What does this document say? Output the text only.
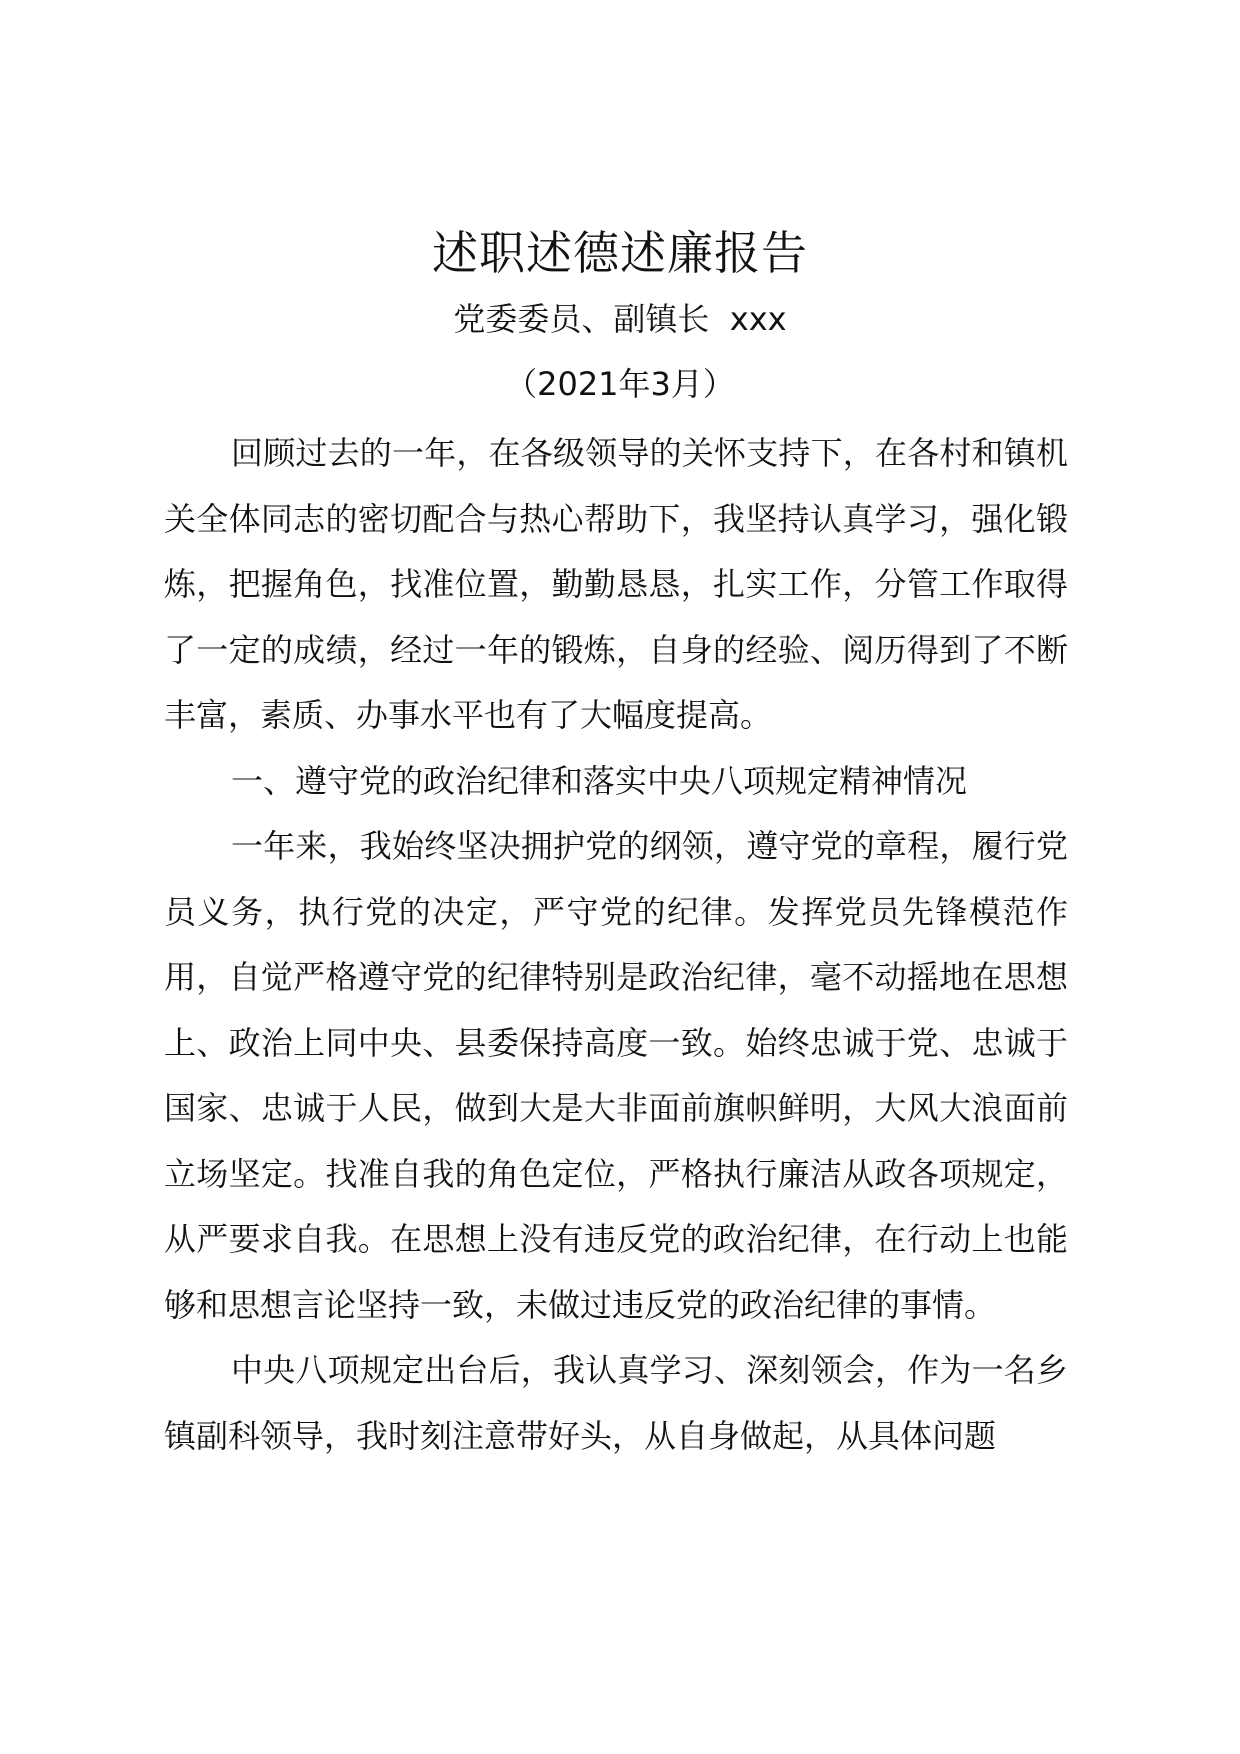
述职述德述廉报告
党委委员、副镇长  xxx
（2021年3月）

回顾过去的一年，在各级领导的关怀支持下，在各村和镇机关全体同志的密切配合与热心帮助下，我坚持认真学习，强化锻炼，把握角色，找准位置，勤勤恳恳，扎实工作，分管工作取得了一定的成绩，经过一年的锻炼，自身的经验、阅历得到了不断丰富，素质、办事水平也有了大幅度提高。

一、遵守党的政治纪律和落实中央八项规定精神情况

一年来，我始终坚决拥护党的纲领，遵守党的章程，履行党员义务，执行党的决定，严守党的纪律。发挥党员先锋模范作用，自觉严格遵守党的纪律特别是政治纪律，毫不动摇地在思想上、政治上同中央、县委保持高度一致。始终忠诚于党、忠诚于国家、忠诚于人民，做到大是大非面前旗帜鲜明，大风大浪面前立场坚定。找准自我的角色定位，严格执行廉洁从政各项规定，从严要求自我。在思想上没有违反党的政治纪律，在行动上也能够和思想言论坚持一致，未做过违反党的政治纪律的事情。

中央八项规定出台后，我认真学习、深刻领会，作为一名乡镇副科领导，我时刻注意带好头，从自身做起，从具体问题
